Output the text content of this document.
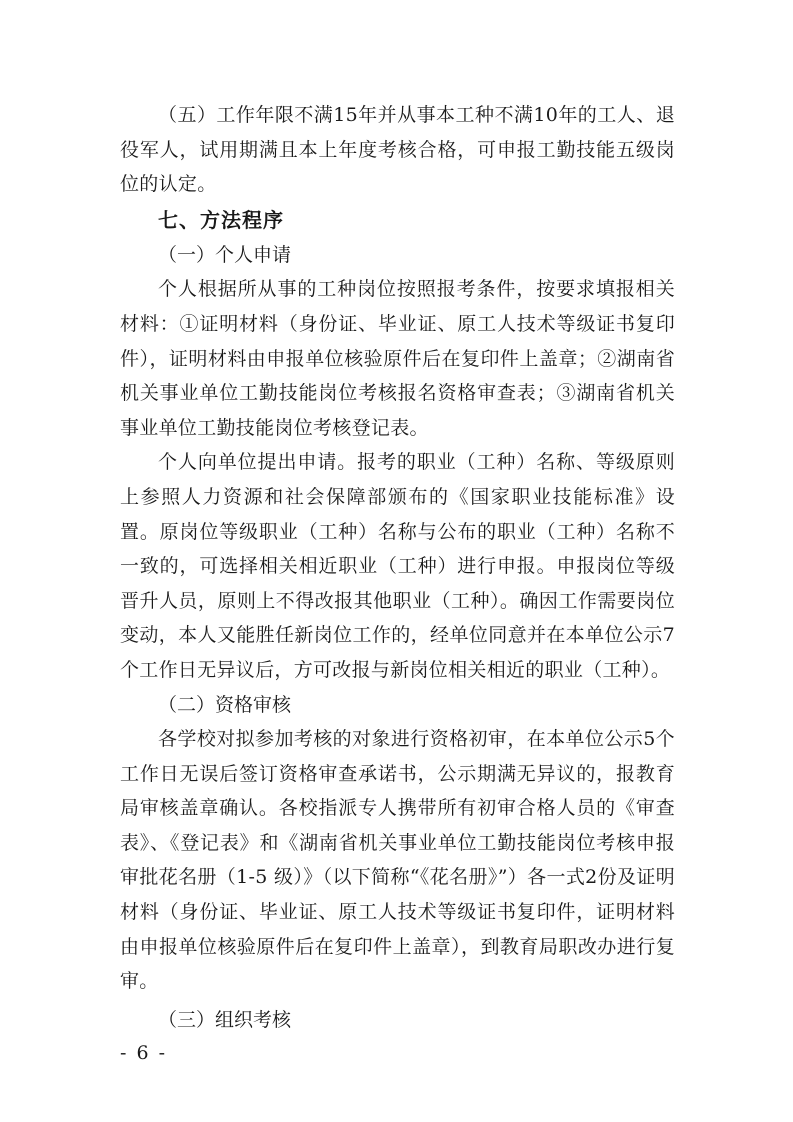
（五）工作年限不满15年并从事本工种不满10年的工人、退役军人，试用期满且本上年度考核合格，可申报工勤技能五级岗位的认定。

七、方法程序

（一）个人申请

个人根据所从事的工种岗位按照报考条件，按要求填报相关材料：①证明材料（身份证、毕业证、原工人技术等级证书复印件），证明材料由申报单位核验原件后在复印件上盖章；②湖南省机关事业单位工勤技能岗位考核报名资格审查表；③湖南省机关事业单位工勤技能岗位考核登记表。

个人向单位提出申请。报考的职业（工种）名称、等级原则上参照人力资源和社会保障部颁布的《国家职业技能标准》设置。原岗位等级职业（工种）名称与公布的职业（工种）名称不一致的，可选择相关相近职业（工种）进行申报。申报岗位等级晋升人员，原则上不得改报其他职业（工种）。确因工作需要岗位变动，本人又能胜任新岗位工作的，经单位同意并在本单位公示7个工作日无异议后，方可改报与新岗位相关相近的职业（工种）。

（二）资格审核

各学校对拟参加考核的对象进行资格初审，在本单位公示5个工作日无误后签订资格审查承诺书，公示期满无异议的，报教育局审核盖章确认。各校指派专人携带所有初审合格人员的《审查表》、《登记表》和《湖南省机关事业单位工勤技能岗位考核申报审批花名册（1-5 级）》（以下简称“《花名册》”）各一式2份及证明材料（身份证、毕业证、原工人技术等级证书复印件，证明材料由申报单位核验原件后在复印件上盖章），到教育局职改办进行复审。

（三）组织考核

- 6 -
